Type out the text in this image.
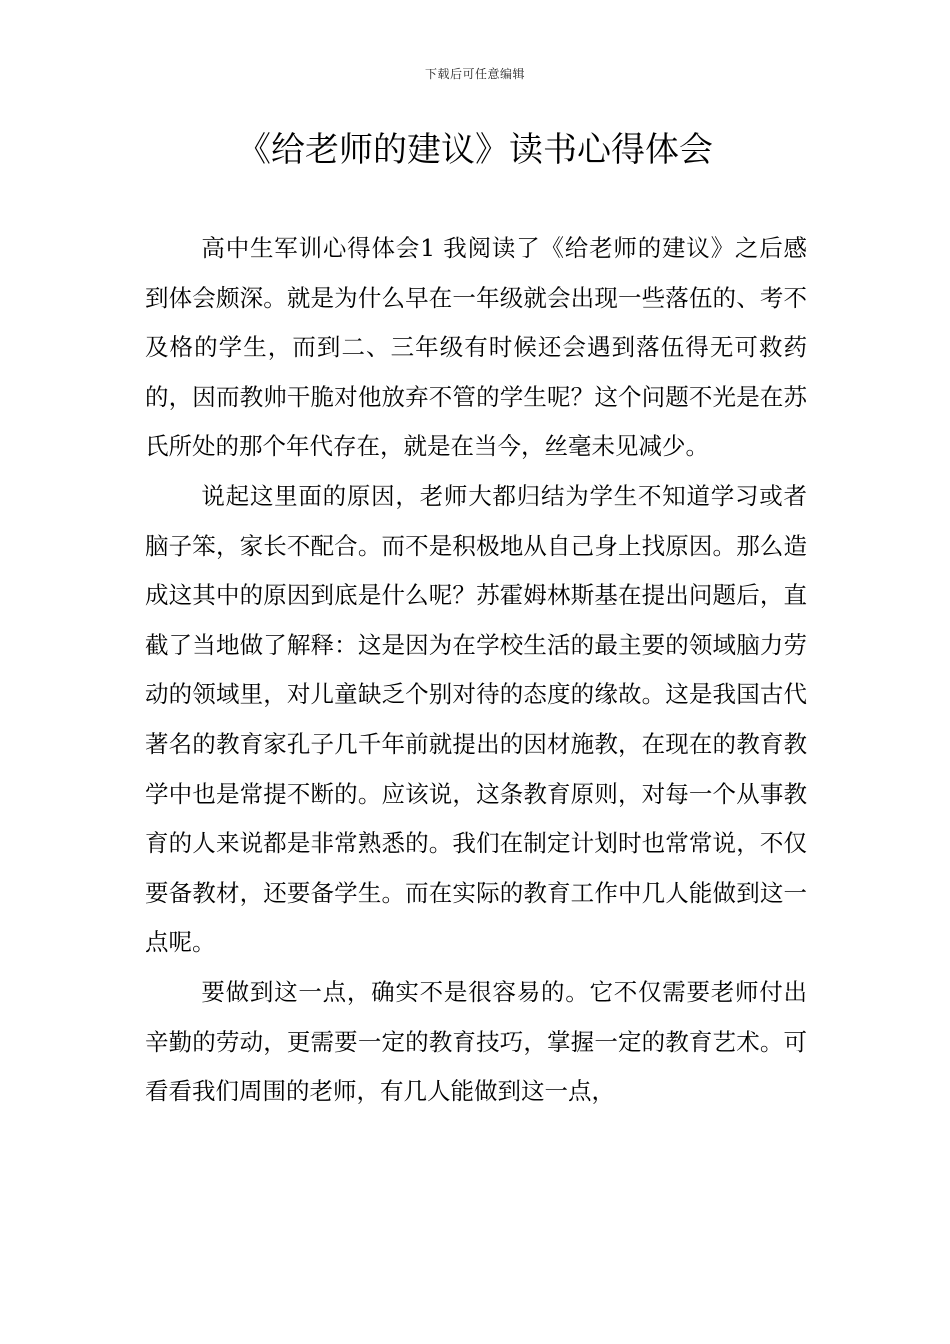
下载后可任意编辑
《给老师的建议》读书心得体会

高中生军训心得体会1 我阅读了《给老师的建议》之后感到体会颇深。就是为什么早在一年级就会出现一些落伍的、考不及格的学生，而到二、三年级有时候还会遇到落伍得无可救药的，因而教帅干脆对他放弃不管的学生呢？这个问题不光是在苏氏所处的那个年代存在，就是在当今，丝毫未见减少。

说起这里面的原因，老师大都归结为学生不知道学习或者脑子笨，家长不配合。而不是积极地从自己身上找原因。那么造成这其中的原因到底是什么呢？苏霍姆林斯基在提出问题后，直截了当地做了解释：这是因为在学校生活的最主要的领域脑力劳动的领域里，对儿童缺乏个别对待的态度的缘故。这是我国古代著名的教育家孔子几千年前就提出的因材施教，在现在的教育教学中也是常提不断的。应该说，这条教育原则，对每一个从事教育的人来说都是非常熟悉的。我们在制定计划时也常常说，不仅要备教材，还要备学生。而在实际的教育工作中几人能做到这一点呢。

要做到这一点，确实不是很容易的。它不仅需要老师付出辛勤的劳动，更需要一定的教育技巧，掌握一定的教育艺术。可看看我们周围的老师，有几人能做到这一点，
